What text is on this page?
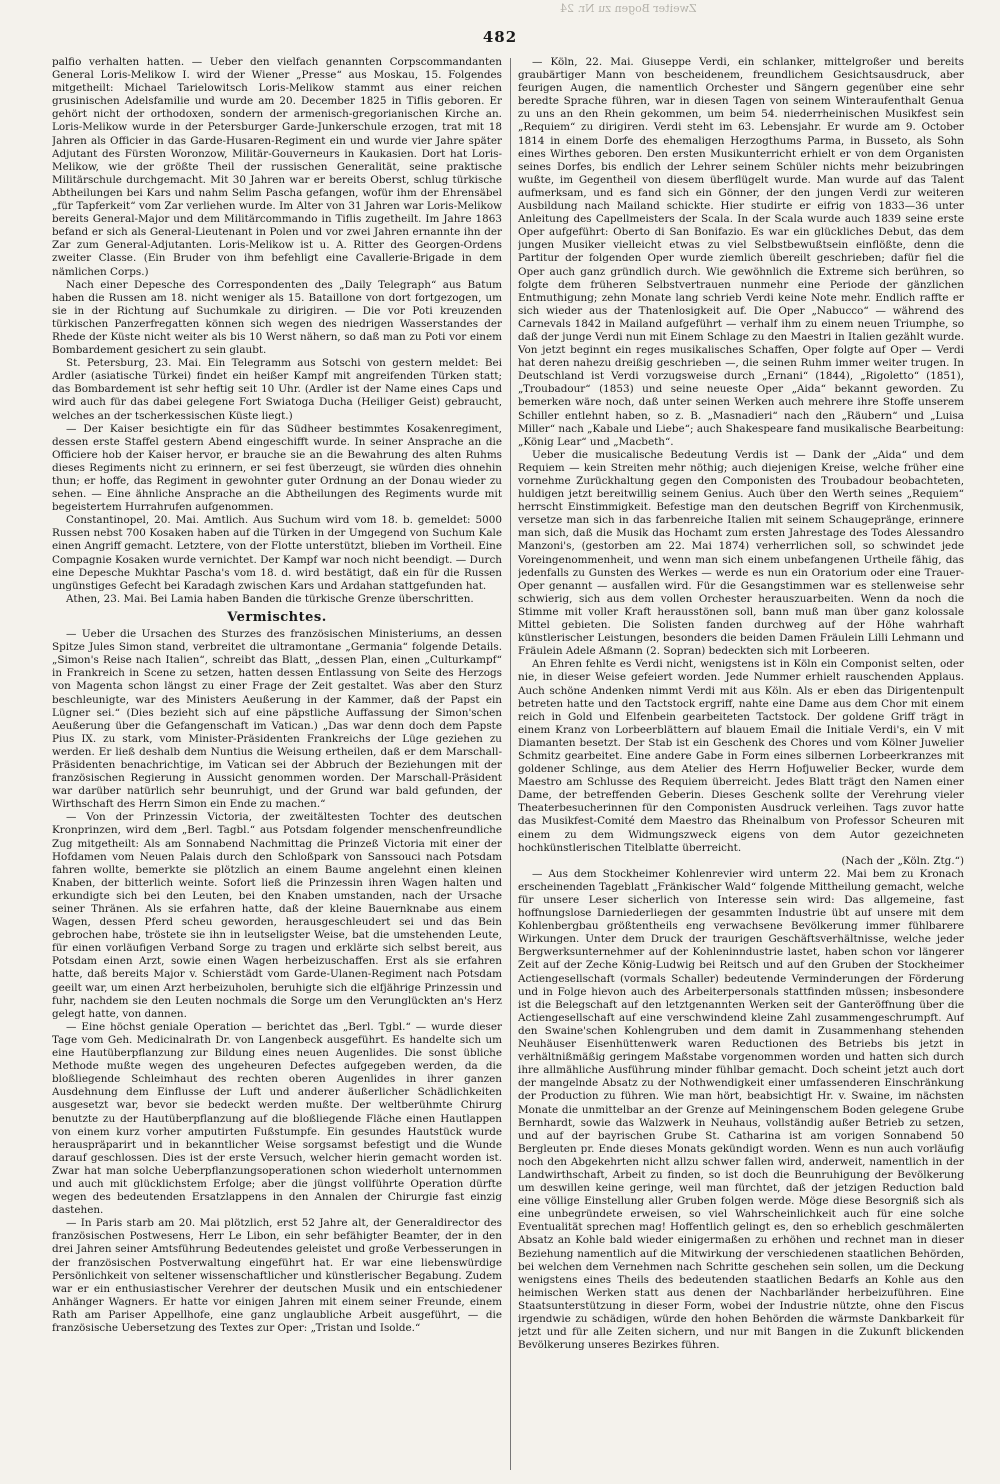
Zweiter Bogen zu Nr. 24
482

palfio verhalten hatten. — Ueber den vielfach genannten Corpscommandanten General Loris-Melikow I. wird der Wiener „Presse“ aus Moskau, 15. Folgendes mitgetheilt: Michael Tarielowitsch Loris-Melikow stammt aus einer reichen grusinischen Adelsfamilie und wurde am 20. December 1825 in Tiflis geboren. Er gehört nicht der orthodoxen, sondern der armenisch-gregorianischen Kirche an. Loris-Melikow wurde in der Petersburger Garde-Junkerschule erzogen, trat mit 18 Jahren als Officier in das Garde-Husaren-Regiment ein und wurde vier Jahre später Adjutant des Fürsten Woronzow, Militär-Gouverneurs in Kaukasien. Dort hat Loris-Melikow, wie der größte Theil der russischen Generalität, seine praktische Militärschule durchgemacht. Mit 30 Jahren war er bereits Oberst, schlug türkische Abtheilungen bei Kars und nahm Selim Pascha gefangen, wofür ihm der Ehrensäbel „für Tapferkeit“ vom Zar verliehen wurde. Im Alter von 31 Jahren war Loris-Melikow bereits General-Major und dem Militärcommando in Tiflis zugetheilt. Im Jahre 1863 befand er sich als General-Lieutenant in Polen und vor zwei Jahren ernannte ihn der Zar zum General-Adjutanten. Loris-Melikow ist u. A. Ritter des Georgen-Ordens zweiter Classe. (Ein Bruder von ihm befehligt eine Cavallerie-Brigade in dem nämlichen Corps.)

Nach einer Depesche des Correspondenten des „Daily Telegraph“ aus Batum haben die Russen am 18. nicht weniger als 15. Bataillone von dort fortgezogen, um sie in der Richtung auf Suchumkale zu dirigiren. — Die vor Poti kreuzenden türkischen Panzerfregatten können sich wegen des niedrigen Wasserstandes der Rhede der Küste nicht weiter als bis 10 Werst nähern, so daß man zu Poti vor einem Bombardement gesichert zu sein glaubt.

St. Petersburg, 23. Mai. Ein Telegramm aus Sotschi von gestern meldet: Bei Ardler (asiatische Türkei) findet ein heißer Kampf mit angreifenden Türken statt; das Bombardement ist sehr heftig seit 10 Uhr. (Ardler ist der Name eines Caps und wird auch für das dabei gelegene Fort Swiatoga Ducha (Heiliger Geist) gebraucht, welches an der tscherkessischen Küste liegt.)

— Der Kaiser besichtigte ein für das Südheer bestimmtes Kosakenregiment, dessen erste Staffel gestern Abend eingeschifft wurde. In seiner Ansprache an die Officiere hob der Kaiser hervor, er brauche sie an die Bewahrung des alten Ruhms dieses Regiments nicht zu erinnern, er sei fest überzeugt, sie würden dies ohnehin thun; er hoffe, das Regiment in gewohnter guter Ordnung an der Donau wieder zu sehen. — Eine ähnliche Ansprache an die Abtheilungen des Regiments wurde mit begeistertem Hurrahrufen aufgenommen.

Constantinopel, 20. Mai. Amtlich. Aus Suchum wird vom 18. b. gemeldet: 5000 Russen nebst 700 Kosaken haben auf die Türken in der Umgegend von Suchum Kale einen Angriff gemacht. Letztere, von der Flotte unterstützt, blieben im Vortheil. Eine Compagnie Kosaken wurde vernichtet. Der Kampf war noch nicht beendigt. — Durch eine Depesche Mukhtar Pascha's vom 18. d. wird bestätigt, daß ein für die Russen ungünstiges Gefecht bei Karadagh zwischen Kars und Ardahan stattgefunden hat.

Athen, 23. Mai. Bei Lamia haben Banden die türkische Grenze überschritten.

Vermischtes.

— Ueber die Ursachen des Sturzes des französischen Ministeriums, an dessen Spitze Jules Simon stand, verbreitet die ultramontane „Germania“ folgende Details. „Simon's Reise nach Italien“, schreibt das Blatt, „dessen Plan, einen „Culturkampf“ in Frankreich in Scene zu setzen, hatten dessen Entlassung von Seite des Herzogs von Magenta schon längst zu einer Frage der Zeit gestaltet. Was aber den Sturz beschleunigte, war des Ministers Aeußerung in der Kammer, daß der Papst ein Lügner sei.“ (Dies bezieht sich auf eine päpstliche Auffassung der Simon'schen Aeußerung über die Gefangenschaft im Vatican.) „Das war denn doch dem Papste Pius IX. zu stark, vom Minister-Präsidenten Frankreichs der Lüge geziehen zu werden. Er ließ deshalb dem Nuntius die Weisung ertheilen, daß er dem Marschall-Präsidenten benachrichtige, im Vatican sei der Abbruch der Beziehungen mit der französischen Regierung in Aussicht genommen worden. Der Marschall-Präsident war darüber natürlich sehr beunruhigt, und der Grund war bald gefunden, der Wirthschaft des Herrn Simon ein Ende zu machen.“

— Von der Prinzessin Victoria, der zweitältesten Tochter des deutschen Kronprinzen, wird dem „Berl. Tagbl.“ aus Potsdam folgender menschenfreundliche Zug mitgetheilt: Als am Sonnabend Nachmittag die Prinzeß Victoria mit einer der Hofdamen vom Neuen Palais durch den Schloßpark von Sanssouci nach Potsdam fahren wollte, bemerkte sie plötzlich an einem Baume angelehnt einen kleinen Knaben, der bitterlich weinte. Sofort ließ die Prinzessin ihren Wagen halten und erkundigte sich bei den Leuten, bei den Knaben umstanden, nach der Ursache seiner Thränen. Als sie erfahren hatte, daß der kleine Bauernknabe aus einem Wagen, dessen Pferd scheu geworden, herausgeschleudert sei und das Bein gebrochen habe, tröstete sie ihn in leutseligster Weise, bat die umstehenden Leute, für einen vorläufigen Verband Sorge zu tragen und erklärte sich selbst bereit, aus Potsdam einen Arzt, sowie einen Wagen herbeizuschaffen. Erst als sie erfahren hatte, daß bereits Major v. Schierstädt vom Garde-Ulanen-Regiment nach Potsdam geeilt war, um einen Arzt herbeizuholen, beruhigte sich die elfjährige Prinzessin und fuhr, nachdem sie den Leuten nochmals die Sorge um den Verunglückten an's Herz gelegt hatte, von dannen.

— Eine höchst geniale Operation — berichtet das „Berl. Tgbl.“ — wurde dieser Tage vom Geh. Medicinalrath Dr. von Langenbeck ausgeführt. Es handelte sich um eine Hautüberpflanzung zur Bildung eines neuen Augenlides. Die sonst übliche Methode mußte wegen des ungeheuren Defectes aufgegeben werden, da die bloßliegende Schleimhaut des rechten oberen Augenlides in ihrer ganzen Ausdehnung dem Einflusse der Luft und anderer äußerlicher Schädlichkeiten ausgesetzt war, bevor sie bedeckt werden mußte. Der weltberühmte Chirurg benutzte zu der Hautüberpflanzung auf die bloßliegende Fläche einen Hautlappen von einem kurz vorher amputirten Fußstumpfe. Ein gesundes Hautstück wurde herauspräparirt und in bekanntlicher Weise sorgsamst befestigt und die Wunde darauf geschlossen. Dies ist der erste Versuch, welcher hierin gemacht worden ist. Zwar hat man solche Ueberpflanzungsoperationen schon wiederholt unternommen und auch mit glücklichstem Erfolge; aber die jüngst vollführte Operation dürfte wegen des bedeutenden Ersatzlappens in den Annalen der Chirurgie fast einzig dastehen.

— In Paris starb am 20. Mai plötzlich, erst 52 Jahre alt, der Generaldirector des französischen Postwesens, Herr Le Libon, ein sehr befähigter Beamter, der in den drei Jahren seiner Amtsführung Bedeutendes geleistet und große Verbesserungen in der französischen Postverwaltung eingeführt hat. Er war eine liebenswürdige Persönlichkeit von seltener wissenschaftlicher und künstlerischer Begabung. Zudem war er ein enthusiastischer Verehrer der deutschen Musik und ein entschiedener Anhänger Wagners. Er hatte vor einigen Jahren mit einem seiner Freunde, einem Rath am Pariser Appellhofe, eine ganz unglaubliche Arbeit ausgeführt, — die französische Uebersetzung des Textes zur Oper: „Tristan und Isolde.“

— Köln, 22. Mai. Giuseppe Verdi, ein schlanker, mittelgroßer und bereits graubärtiger Mann von bescheidenem, freundlichem Gesichtsausdruck, aber feurigen Augen, die namentlich Orchester und Sängern gegenüber eine sehr beredte Sprache führen, war in diesen Tagen von seinem Winteraufenthalt Genua zu uns an den Rhein gekommen, um beim 54. niederrheinischen Musikfest sein „Requiem“ zu dirigiren. Verdi steht im 63. Lebensjahr. Er wurde am 9. October 1814 in einem Dorfe des ehemaligen Herzogthums Parma, in Busseto, als Sohn eines Wirthes geboren. Den ersten Musikunterricht erhielt er von dem Organisten seines Dorfes, bis endlich der Lehrer seinem Schüler nichts mehr beizubringen wußte, im Gegentheil von diesem überflügelt wurde. Man wurde auf das Talent aufmerksam, und es fand sich ein Gönner, der den jungen Verdi zur weiteren Ausbildung nach Mailand schickte. Hier studirte er eifrig von 1833—36 unter Anleitung des Capellmeisters der Scala. In der Scala wurde auch 1839 seine erste Oper aufgeführt: Oberto di San Bonifazio. Es war ein glückliches Debut, das dem jungen Musiker vielleicht etwas zu viel Selbstbewußtsein einflößte, denn die Partitur der folgenden Oper wurde ziemlich übereilt geschrieben; dafür fiel die Oper auch ganz gründlich durch. Wie gewöhnlich die Extreme sich berühren, so folgte dem früheren Selbstvertrauen nunmehr eine Periode der gänzlichen Entmuthigung; zehn Monate lang schrieb Verdi keine Note mehr. Endlich raffte er sich wieder aus der Thatenlosigkeit auf. Die Oper „Nabucco“ — während des Carnevals 1842 in Mailand aufgeführt — verhalf ihm zu einem neuen Triumphe, so daß der junge Verdi nun mit Einem Schlage zu den Maestri in Italien gezählt wurde. Von jetzt beginnt ein reges musikalisches Schaffen, Oper folgte auf Oper — Verdi hat deren nahezu dreißig geschrieben —, die seinen Ruhm immer weiter trugen. In Deutschland ist Verdi vorzugsweise durch „Ernani“ (1844), „Rigoletto“ (1851), „Troubadour“ (1853) und seine neueste Oper „Aida“ bekannt geworden. Zu bemerken wäre noch, daß unter seinen Werken auch mehrere ihre Stoffe unserem Schiller entlehnt haben, so z. B. „Masnadieri“ nach den „Räubern“ und „Luisa Miller“ nach „Kabale und Liebe“; auch Shakespeare fand musikalische Bearbeitung: „König Lear“ und „Macbeth“.

Ueber die musicalische Bedeutung Verdis ist — Dank der „Aida“ und dem Requiem — kein Streiten mehr nöthig; auch diejenigen Kreise, welche früher eine vornehme Zurückhaltung gegen den Componisten des Troubadour beobachteten, huldigen jetzt bereitwillig seinem Genius. Auch über den Werth seines „Requiem“ herrscht Einstimmigkeit. Befestige man den deutschen Begriff von Kirchenmusik, versetze man sich in das farbenreiche Italien mit seinem Schaugepränge, erinnere man sich, daß die Musik das Hochamt zum ersten Jahrestage des Todes Alessandro Manzoni's, (gestorben am 22. Mai 1874) verherrlichen soll, so schwindet jede Voreingenommenheit, und wenn man sich einem unbefangenen Urtheile fähig, das jedenfalls zu Gunsten des Werkes — werde es nun ein Oratorium oder eine Trauer-Oper genannt — ausfallen wird. Für die Gesangstimmen war es stellenweise sehr schwierig, sich aus dem vollen Orchester herauszuarbeiten. Wenn da noch die Stimme mit voller Kraft herausstönen soll, bann muß man über ganz kolossale Mittel gebieten. Die Solisten fanden durchweg auf der Höhe wahrhaft künstlerischer Leistungen, besonders die beiden Damen Fräulein Lilli Lehmann und Fräulein Adele Aßmann (2. Sopran) bedeckten sich mit Lorbeeren.

An Ehren fehlte es Verdi nicht, wenigstens ist in Köln ein Componist selten, oder nie, in dieser Weise gefeiert worden. Jede Nummer erhielt rauschenden Applaus. Auch schöne Andenken nimmt Verdi mit aus Köln. Als er eben das Dirigentenpult betreten hatte und den Tactstock ergriff, nahte eine Dame aus dem Chor mit einem reich in Gold und Elfenbein gearbeiteten Tactstock. Der goldene Griff trägt in einem Kranz von Lorbeerblättern auf blauem Email die Initiale Verdi's, ein V mit Diamanten besetzt. Der Stab ist ein Geschenk des Chores und vom Kölner Juwelier Schmitz gearbeitet. Eine andere Gabe in Form eines silbernen Lorbeerkranzes mit goldener Schlinge, aus dem Atelier des Herrn Hofjuwelier Becker, wurde dem Maestro am Schlusse des Requiem überreicht. Jedes Blatt trägt den Namen einer Dame, der betreffenden Geberin. Dieses Geschenk sollte der Verehrung vieler Theaterbesucherinnen für den Componisten Ausdruck verleihen. Tags zuvor hatte das Musikfest-Comité dem Maestro das Rheinalbum von Professor Scheuren mit einem zu dem Widmungszweck eigens von dem Autor gezeichneten hochkünstlerischen Titelblatte überreicht.

(Nach der „Köln. Ztg.“)

— Aus dem Stockheimer Kohlenrevier wird unterm 22. Mai bem zu Kronach erscheinenden Tageblatt „Fränkischer Wald“ folgende Mittheilung gemacht, welche für unsere Leser sicherlich von Interesse sein wird: Das allgemeine, fast hoffnungslose Darniederliegen der gesammten Industrie übt auf unsere mit dem Kohlenbergbau größtentheils eng verwachsene Bevölkerung immer fühlbarere Wirkungen. Unter dem Druck der traurigen Geschäftsverhältnisse, welche jeder Bergwerksunternehmer auf der Kohleninndustrie lastet, haben schon vor längerer Zeit auf der Zeche König-Ludwig bei Reitsch und auf den Gruben der Stockheimer Actiengesellschaft (vormals Schaller) bedeutende Verminderungen der Förderung und in Folge hievon auch des Arbeiterpersonals stattfinden müssen; insbesondere ist die Belegschaft auf den letztgenannten Werken seit der Ganteröffnung über die Actiengesellschaft auf eine verschwindend kleine Zahl zusammengeschrumpft. Auf den Swaine'schen Kohlengruben und dem damit in Zusammenhang stehenden Neuhäuser Eisenhüttenwerk waren Reductionen des Betriebs bis jetzt in verhältnißmäßig geringem Maßstabe vorgenommen worden und hatten sich durch ihre allmähliche Ausführung minder fühlbar gemacht. Doch scheint jetzt auch dort der mangelnde Absatz zu der Nothwendigkeit einer umfassenderen Einschränkung der Production zu führen. Wie man hört, beabsichtigt Hr. v. Swaine, im nächsten Monate die unmittelbar an der Grenze auf Meiningenschem Boden gelegene Grube Bernhardt, sowie das Walzwerk in Neuhaus, vollständig außer Betrieb zu setzen, und auf der bayrischen Grube St. Catharina ist am vorigen Sonnabend 50 Bergleuten pr. Ende dieses Monats gekündigt worden. Wenn es nun auch vorläufig noch den Abgekehrten nicht allzu schwer fallen wird, anderweit, namentlich in der Landwirthschaft, Arbeit zu finden, so ist doch die Beunruhigung der Bevölkerung um deswillen keine geringe, weil man fürchtet, daß der jetzigen Reduction bald eine völlige Einstellung aller Gruben folgen werde. Möge diese Besorgniß sich als eine unbegründete erweisen, so viel Wahrscheinlichkeit auch für eine solche Eventualität sprechen mag! Hoffentlich gelingt es, den so erheblich geschmälerten Absatz an Kohle bald wieder einigermaßen zu erhöhen und rechnet man in dieser Beziehung namentlich auf die Mitwirkung der verschiedenen staatlichen Behörden, bei welchen dem Vernehmen nach Schritte geschehen sein sollen, um die Deckung wenigstens eines Theils des bedeutenden staatlichen Bedarfs an Kohle aus den heimischen Werken statt aus denen der Nachbarländer herbeizuführen. Eine Staatsunterstützung in dieser Form, wobei der Industrie nützte, ohne den Fiscus irgendwie zu schädigen, würde den hohen Behörden die wärmste Dankbarkeit für jetzt und für alle Zeiten sichern, und nur mit Bangen in die Zukunft blickenden Bevölkerung unseres Bezirkes führen.
